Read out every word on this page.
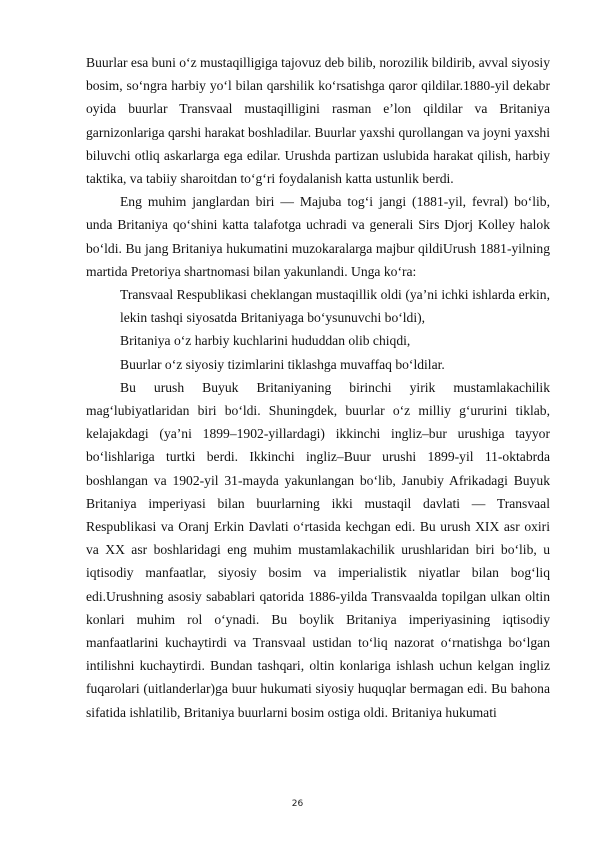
Buurlar esa buni o‘z mustaqilligiga tajovuz deb bilib, norozilik bildirib, avval siyosiy bosim, so‘ngra harbiy yo‘l bilan qarshilik ko‘rsatishga qaror qildilar.1880-yil dekabr oyida buurlar Transvaal mustaqilligini rasman e’lon qildilar va Britaniya garnizonlariga qarshi harakat boshladilar. Buurlar yaxshi qurollangan va joyni yaxshi biluvchi otliq askarlarga ega edilar. Urushda partizan uslubida harakat qilish, harbiy taktika, va tabiiy sharoitdan to‘g‘ri foydalanish katta ustunlik berdi.

Eng muhim janglardan biri — Majuba tog‘i jangi (1881-yil, fevral) bo‘lib, unda Britaniya qo‘shini katta talafotga uchradi va generali Sirs Djorj Kolley halok bo‘ldi. Bu jang Britaniya hukumatini muzokaralarga majbur qildiUrush 1881-yilning martida Pretoriya shartnomasi bilan yakunlandi. Unga ko‘ra:

Transvaal Respublikasi cheklangan mustaqillik oldi (ya’ni ichki ishlarda erkin, lekin tashqi siyosatda Britaniyaga bo‘ysunuvchi bo‘ldi),

Britaniya o‘z harbiy kuchlarini hududdan olib chiqdi,

Buurlar o‘z siyosiy tizimlarini tiklashga muvaffaq bo‘ldilar.

Bu urush Buyuk Britaniyaning birinchi yirik mustamlakachilik mag‘lubiyatlaridan biri bo‘ldi. Shuningdek, buurlar o‘z milliy g‘ururini tiklab, kelajakdagi (ya’ni 1899–1902-yillardagi) ikkinchi ingliz–bur urushiga tayyor bo‘lishlariga turtki berdi. Ikkinchi ingliz–Buur urushi 1899-yil 11-oktabrda boshlangan va 1902-yil 31-mayda yakunlangan bo‘lib, Janubiy Afrikadagi Buyuk Britaniya imperiyasi bilan buurlarning ikki mustaqil davlati — Transvaal Respublikasi va Oranj Erkin Davlati o‘rtasida kechgan edi. Bu urush XIX asr oxiri va XX asr boshlaridagi eng muhim mustamlakachilik urushlaridan biri bo‘lib, u iqtisodiy manfaatlar, siyosiy bosim va imperialistik niyatlar bilan bog‘liq edi.Urushning asosiy sabablari qatorida 1886-yilda Transvaalda topilgan ulkan oltin konlari muhim rol o‘ynadi. Bu boylik Britaniya imperiyasining iqtisodiy manfaatlarini kuchaytirdi va Transvaal ustidan to‘liq nazorat o‘rnatishga bo‘lgan intilishni kuchaytirdi. Bundan tashqari, oltin konlariga ishlash uchun kelgan ingliz fuqarolari (uitlanderlar)ga buur hukumati siyosiy huquqlar bermagan edi. Bu bahona sifatida ishlatilib, Britaniya buurlarni bosim ostiga oldi. Britaniya hukumati

26
